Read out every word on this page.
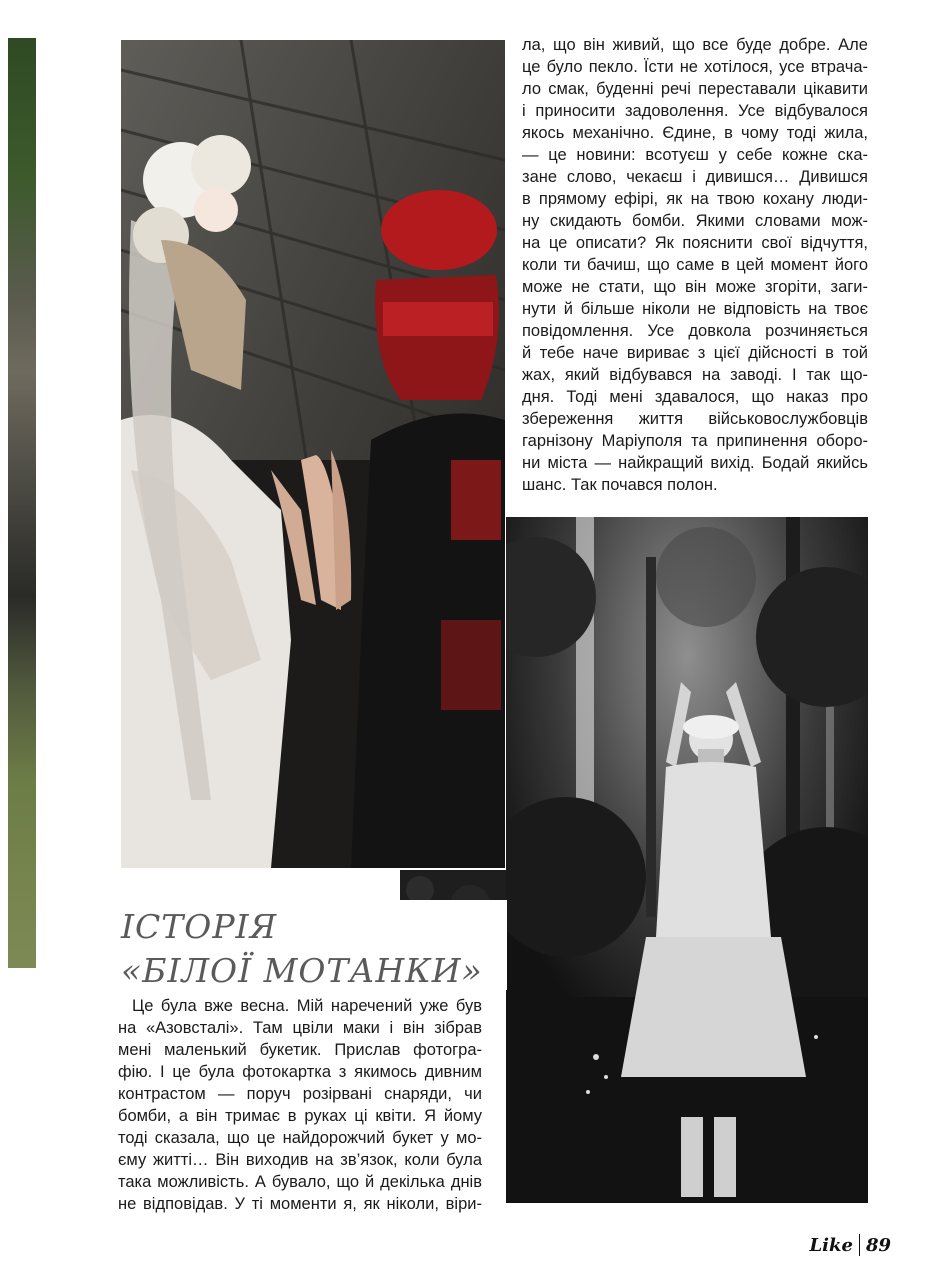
ІСТОРІЯ
«БІЛОЇ МОТАНКИ»

ла, що він живий, що все буде добре. Але
це було пекло. Їсти не хотілося, усе втрача-
ло смак, буденні речі переставали цікавити
і приносити задоволення. Усе відбувалося
якось механічно. Єдине, в чому тоді жила,
— це новини: всотуєш у себе кожне ска-
зане слово, чекаєш і дивишся… Дивишся
в прямому ефірі, як на твою кохану люди-
ну скидають бомби. Якими словами мож-
на це описати? Як пояснити свої відчуття,
коли ти бачиш, що саме в цей момент його
може не стати, що він може згоріти, заги-
нути й більше ніколи не відповість на твоє
повідомлення. Усе довкола розчиняється
й тебе наче вириває з цієї дійсності в той
жах, який відбувався на заводі. І так що-
дня. Тоді мені здавалося, що наказ про
збереження життя військовослужбовців
гарнізону Маріуполя та припинення оборо-
ни міста — найкращий вихід. Бодай якийсь
шанс. Так почався полон.

Це була вже весна. Мій наречений уже був
на «Азовсталі». Там цвіли маки і він зібрав
мені маленький букетик. Прислав фотогра-
фію. І це була фотокартка з якимось дивним
контрастом — поруч розірвані снаряди, чи
бомби, а він тримає в руках ці квіти. Я йому
тоді сказала, що це найдорожчий букет у мо-
єму житті… Він виходив на зв’язок, коли була
така можливість. А бувало, що й декілька днів
не відповідав. У ті моменти я, як ніколи, віри-

Like 89
